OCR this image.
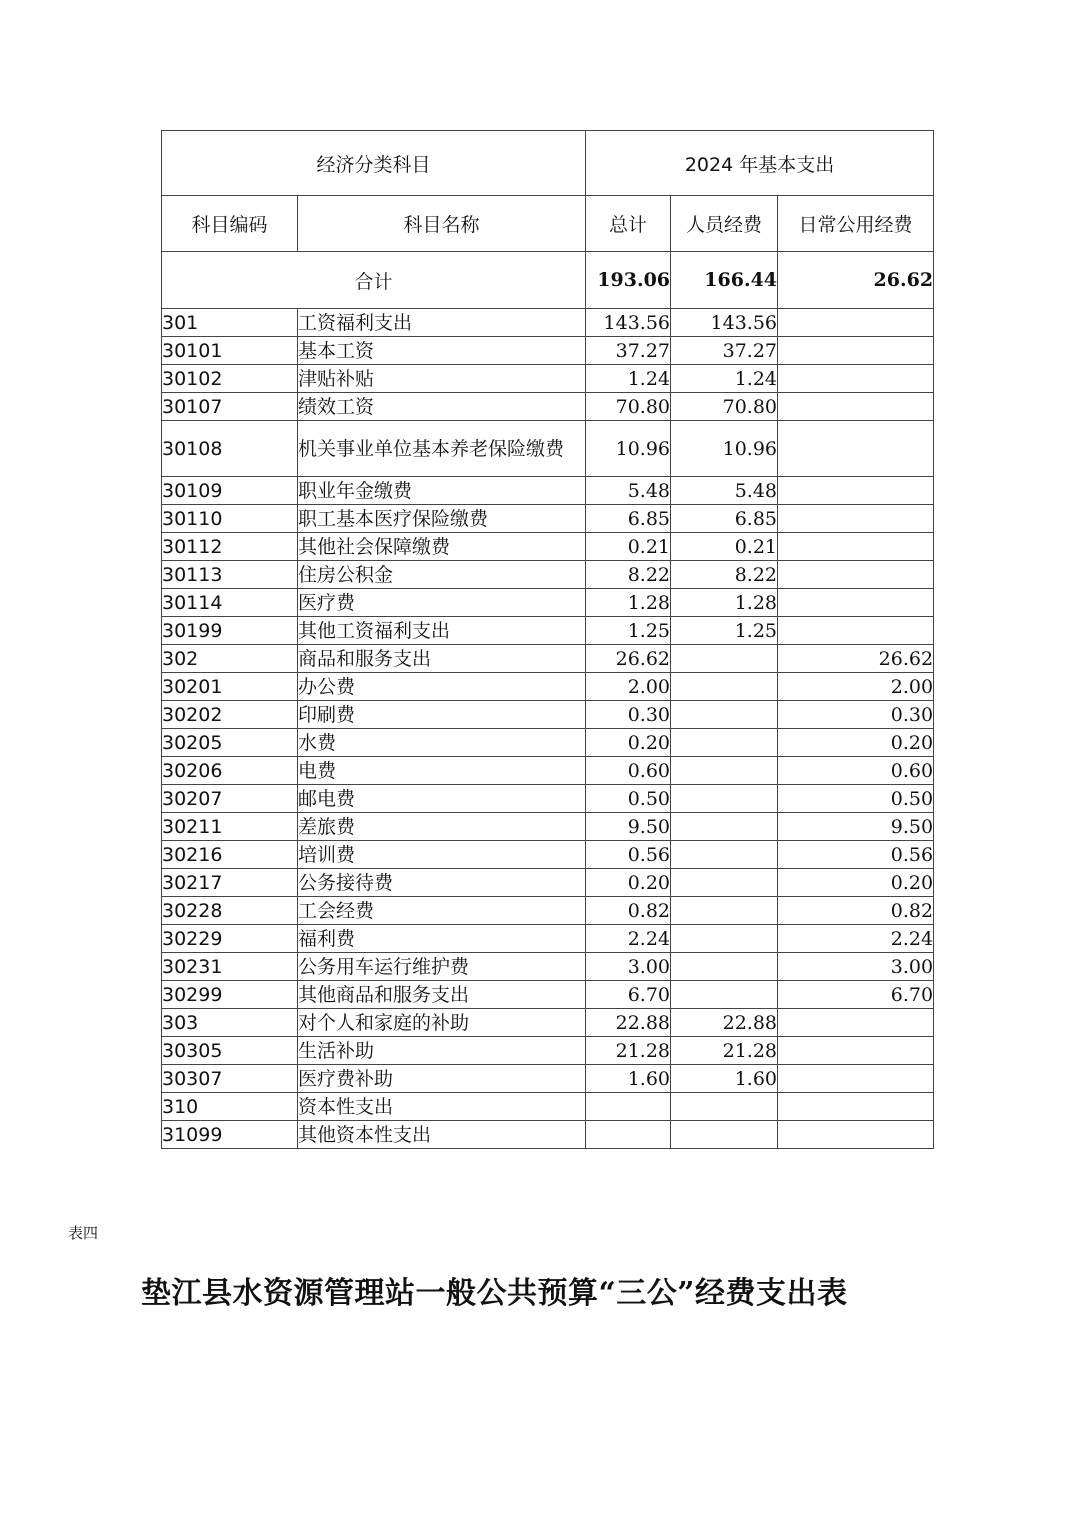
经济分类科目		2024 年基本支出		
科目编码	科目名称	总计	人员经费	日常公用经费
合计		193.06	166.44	26.62
301	工资福利支出	143.56	143.56	
30101	基本工资	37.27	37.27	
30102	津贴补贴	1.24	1.24	
30107	绩效工资	70.80	70.80	
30108	机关事业单位基本养老保险缴费	10.96	10.96	
30109	职业年金缴费	5.48	5.48	
30110	职工基本医疗保险缴费	6.85	6.85	
30112	其他社会保障缴费	0.21	0.21	
30113	住房公积金	8.22	8.22	
30114	医疗费	1.28	1.28	
30199	其他工资福利支出	1.25	1.25	
302	商品和服务支出	26.62		26.62
30201	办公费	2.00		2.00
30202	印刷费	0.30		0.30
30205	水费	0.20		0.20
30206	电费	0.60		0.60
30207	邮电费	0.50		0.50
30211	差旅费	9.50		9.50
30216	培训费	0.56		0.56
30217	公务接待费	0.20		0.20
30228	工会经费	0.82		0.82
30229	福利费	2.24		2.24
30231	公务用车运行维护费	3.00		3.00
30299	其他商品和服务支出	6.70		6.70
303	对个人和家庭的补助	22.88	22.88	
30305	生活补助	21.28	21.28	
30307	医疗费补助	1.60	1.60	
310	资本性支出			
31099	其他资本性支出			
表四
垫江县水资源管理站一般公共预算“三公”经费支出表
